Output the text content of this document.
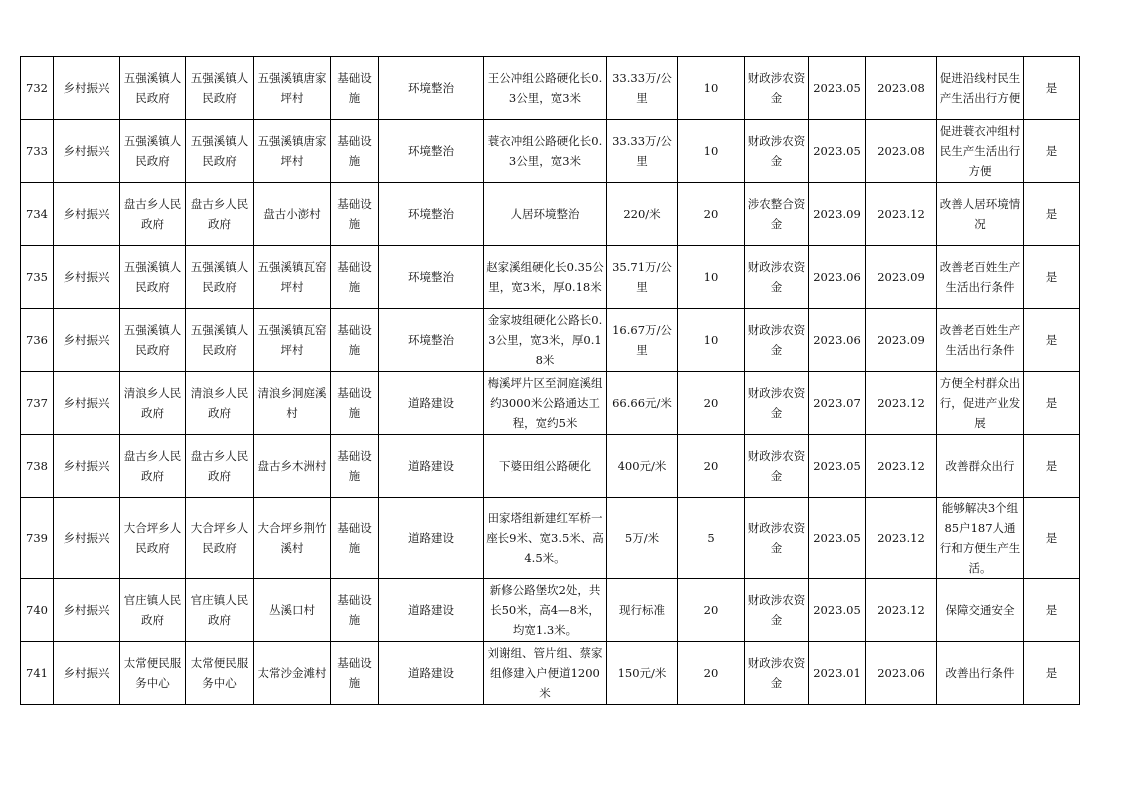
732	乡村振兴	五强溪镇人民政府	五强溪镇人民政府	五强溪镇唐家坪村	基础设施	环境整治	王公冲组公路硬化长0.3公里，宽3米	33.33万/公里	10	财政涉农资金	2023.05	2023.08	促进沿线村民生产生活出行方便	是
733	乡村振兴	五强溪镇人民政府	五强溪镇人民政府	五强溪镇唐家坪村	基础设施	环境整治	蓑衣冲组公路硬化长0.3公里，宽3米	33.33万/公里	10	财政涉农资金	2023.05	2023.08	促进蓑衣冲组村民生产生活出行方便	是
734	乡村振兴	盘古乡人民政府	盘古乡人民政府	盘古小澎村	基础设施	环境整治	人居环境整治	220/米	20	涉农整合资金	2023.09	2023.12	改善人居环境情况	是
735	乡村振兴	五强溪镇人民政府	五强溪镇人民政府	五强溪镇瓦窑坪村	基础设施	环境整治	赵家溪组硬化长0.35公里，宽3米，厚0.18米	35.71万/公里	10	财政涉农资金	2023.06	2023.09	改善老百姓生产生活出行条件	是
736	乡村振兴	五强溪镇人民政府	五强溪镇人民政府	五强溪镇瓦窑坪村	基础设施	环境整治	金家坡组硬化公路长0.3公里，宽3米，厚0.18米	16.67万/公里	10	财政涉农资金	2023.06	2023.09	改善老百姓生产生活出行条件	是
737	乡村振兴	清浪乡人民政府	清浪乡人民政府	清浪乡洞庭溪村	基础设施	道路建设	梅溪坪片区至洞庭溪组约3000米公路通达工程，宽约5米	66.66元/米	20	财政涉农资金	2023.07	2023.12	方便全村群众出行，促进产业发展	是
738	乡村振兴	盘古乡人民政府	盘古乡人民政府	盘古乡木洲村	基础设施	道路建设	下婆田组公路硬化	400元/米	20	财政涉农资金	2023.05	2023.12	改善群众出行	是
739	乡村振兴	大合坪乡人民政府	大合坪乡人民政府	大合坪乡荆竹溪村	基础设施	道路建设	田家塔组新建红军桥一座长9米、宽3.5米、高4.5米。	5万/米	5	财政涉农资金	2023.05	2023.12	能够解决3个组85户187人通行和方便生产生活。	是
740	乡村振兴	官庄镇人民政府	官庄镇人民政府	丛溪口村	基础设施	道路建设	新修公路堡坎2处，共长50米，高4—8米，均宽1.3米。	现行标准	20	财政涉农资金	2023.05	2023.12	保障交通安全	是
741	乡村振兴	太常便民服务中心	太常便民服务中心	太常沙金滩村	基础设施	道路建设	刘谢组、管片组、蔡家组修建入户便道1200米	150元/米	20	财政涉农资金	2023.01	2023.06	改善出行条件	是
